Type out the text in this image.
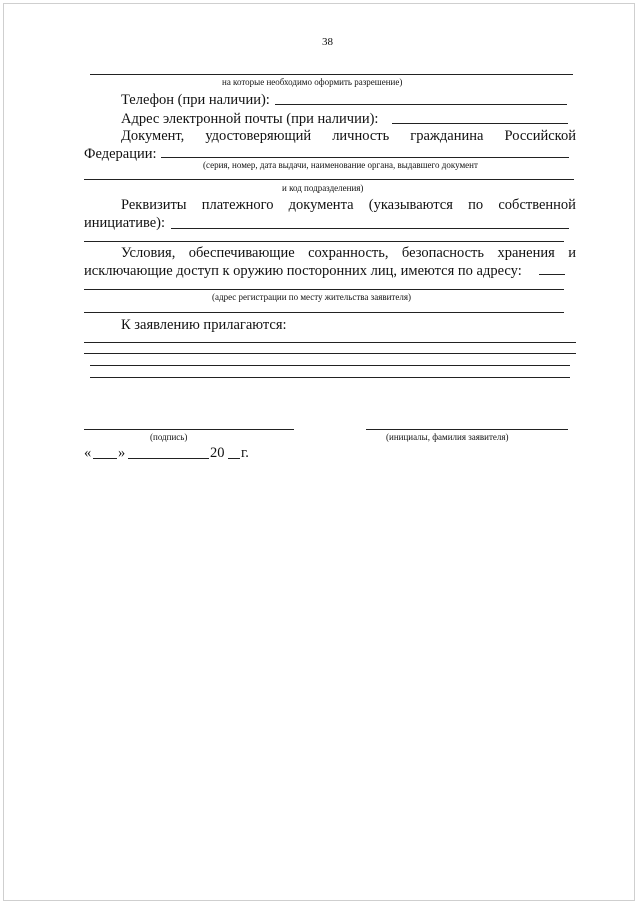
38
на которые необходимо оформить разрешение)
Телефон (при наличии):
Адрес электронной почты (при наличии):
Документ, удостоверяющий личность гражданина Российской
Федерации:
(серия, номер, дата выдачи, наименование органа, выдавшего документ
и код подразделения)
Реквизиты платежного документа (указываются по собственной
инициативе):
Условия, обеспечивающие сохранность, безопасность хранения и
исключающие доступ к оружию посторонних лиц, имеются по адресу:
(адрес регистрации по месту жительства заявителя)
К заявлению прилагаются:
(подпись)	(инициалы, фамилия заявителя)
« »	20 г.
